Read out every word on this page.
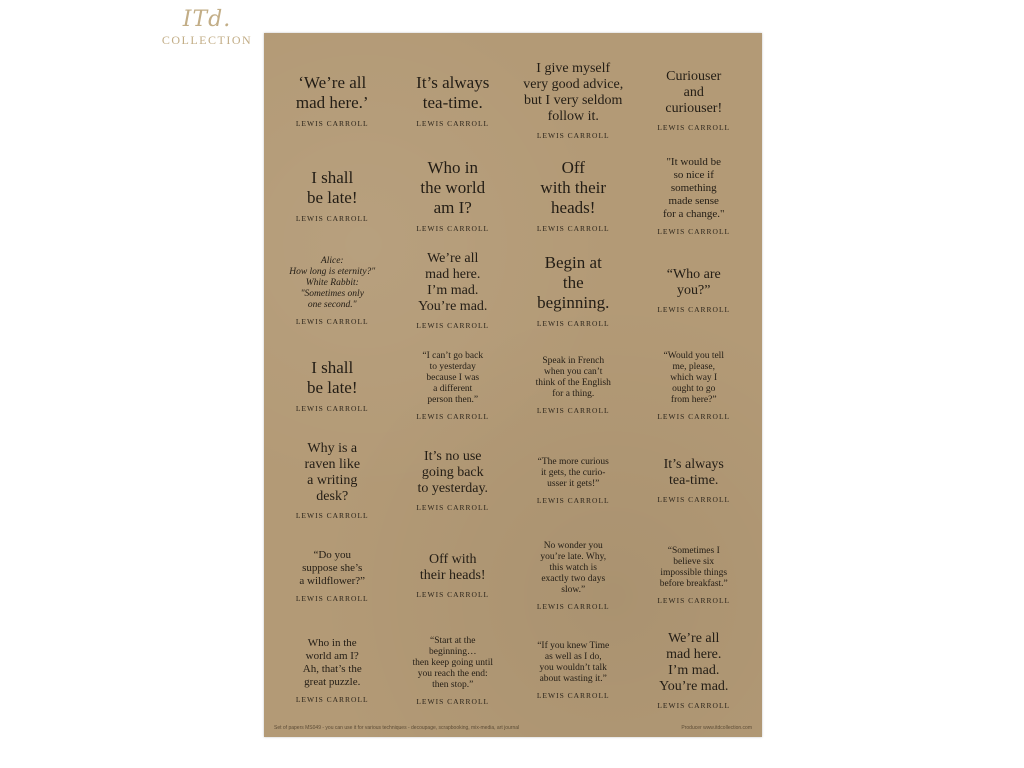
ITd.
COLLECTION

‘We’re all
mad here.’

LEWIS CARROLL

It’s always
tea-time.

LEWIS CARROLL

I give myself
very good advice,
but I very seldom
follow it.

LEWIS CARROLL

Curiouser
and
curiouser!

LEWIS CARROLL

I shall
be late!

LEWIS CARROLL

Who in
the world
am I?

LEWIS CARROLL

Off
with their
heads!

LEWIS CARROLL

"It would be
so nice if
something
made sense
for a change."

LEWIS CARROLL

Alice:
How long is eternity?"
White Rabbit:
"Sometimes only
one second."

LEWIS CARROLL

We’re all
mad here.
I’m mad.
You’re mad.

LEWIS CARROLL

Begin at
the
beginning.

LEWIS CARROLL

“Who are
you?”

LEWIS CARROLL

I shall
be late!

LEWIS CARROLL

“I can’t go back
to yesterday
because I was
a different
person then.”

LEWIS CARROLL

Speak in French
when you can’t
think of the English
for a thing.

LEWIS CARROLL

“Would you tell
me, please,
which way I
ought to go
from here?”

LEWIS CARROLL

Why is a
raven like
a writing
desk?

LEWIS CARROLL

It’s no use
going back
to yesterday.

LEWIS CARROLL

“The more curious
it gets, the curio-
usser it gets!”

LEWIS CARROLL

It’s always
tea-time.

LEWIS CARROLL

“Do you
suppose she’s
a wildflower?”

LEWIS CARROLL

Off with
their heads!

LEWIS CARROLL

No wonder you
you’re late. Why,
this watch is
exactly two days
slow.”

LEWIS CARROLL

“Sometimes I
believe six
impossible things
before breakfast.”

LEWIS CARROLL

Who in the
world am I?
Ah, that’s the
great puzzle.

LEWIS CARROLL

“Start at the
beginning…
then keep going until
you reach the end:
then stop.”

LEWIS CARROLL

“If you knew Time
as well as I do,
you wouldn’t talk
about wasting it.”

LEWIS CARROLL

We’re all
mad here.
I’m mad.
You’re mad.

LEWIS CARROLL
Set of papers MS049 - you can use it for various techniques - decoupage, scrapbooking, mix-media, art journal	Producer www.itdcollection.com
